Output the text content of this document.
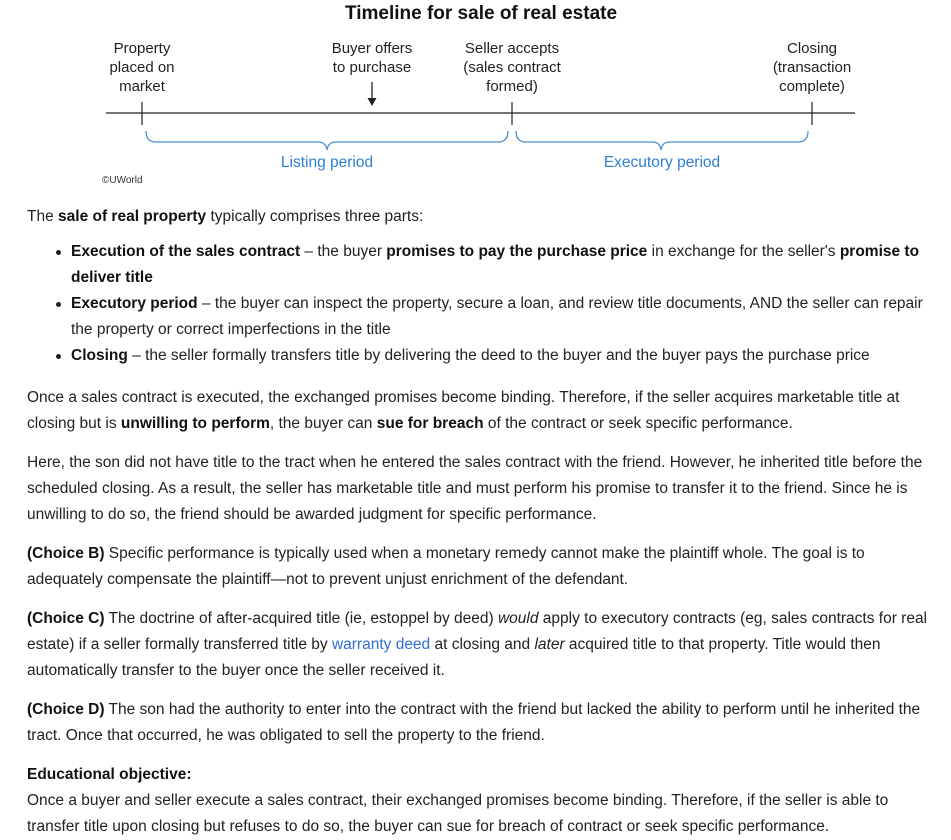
Timeline for sale of real estate
Property
placed on
market
Buyer offers
to purchase
Seller accepts
(sales contract
formed)
Closing
(transaction
complete)
Listing period	Executory period
©UWorld

The sale of real property typically comprises three parts:

Execution of the sales contract – the buyer promises to pay the purchase price in exchange for the seller's promise to deliver title
Executory period – the buyer can inspect the property, secure a loan, and review title documents, AND the seller can repair the property or correct imperfections in the title
Closing – the seller formally transfers title by delivering the deed to the buyer and the buyer pays the purchase price

Once a sales contract is executed, the exchanged promises become binding. Therefore, if the seller acquires marketable title at closing but is unwilling to perform, the buyer can sue for breach of the contract or seek specific performance.

Here, the son did not have title to the tract when he entered the sales contract with the friend. However, he inherited title before the scheduled closing. As a result, the seller has marketable title and must perform his promise to transfer it to the friend. Since he is unwilling to do so, the friend should be awarded judgment for specific performance.

(Choice B) Specific performance is typically used when a monetary remedy cannot make the plaintiff whole. The goal is to adequately compensate the plaintiff—not to prevent unjust enrichment of the defendant.

(Choice C) The doctrine of after-acquired title (ie, estoppel by deed) would apply to executory contracts (eg, sales contracts for real estate) if a seller formally transferred title by warranty deed at closing and later acquired title to that property. Title would then automatically transfer to the buyer once the seller received it.

(Choice D) The son had the authority to enter into the contract with the friend but lacked the ability to perform until he inherited the tract. Once that occurred, he was obligated to sell the property to the friend.

Educational objective:

Once a buyer and seller execute a sales contract, their exchanged promises become binding. Therefore, if the seller is able to transfer title upon closing but refuses to do so, the buyer can sue for breach of contract or seek specific performance.
